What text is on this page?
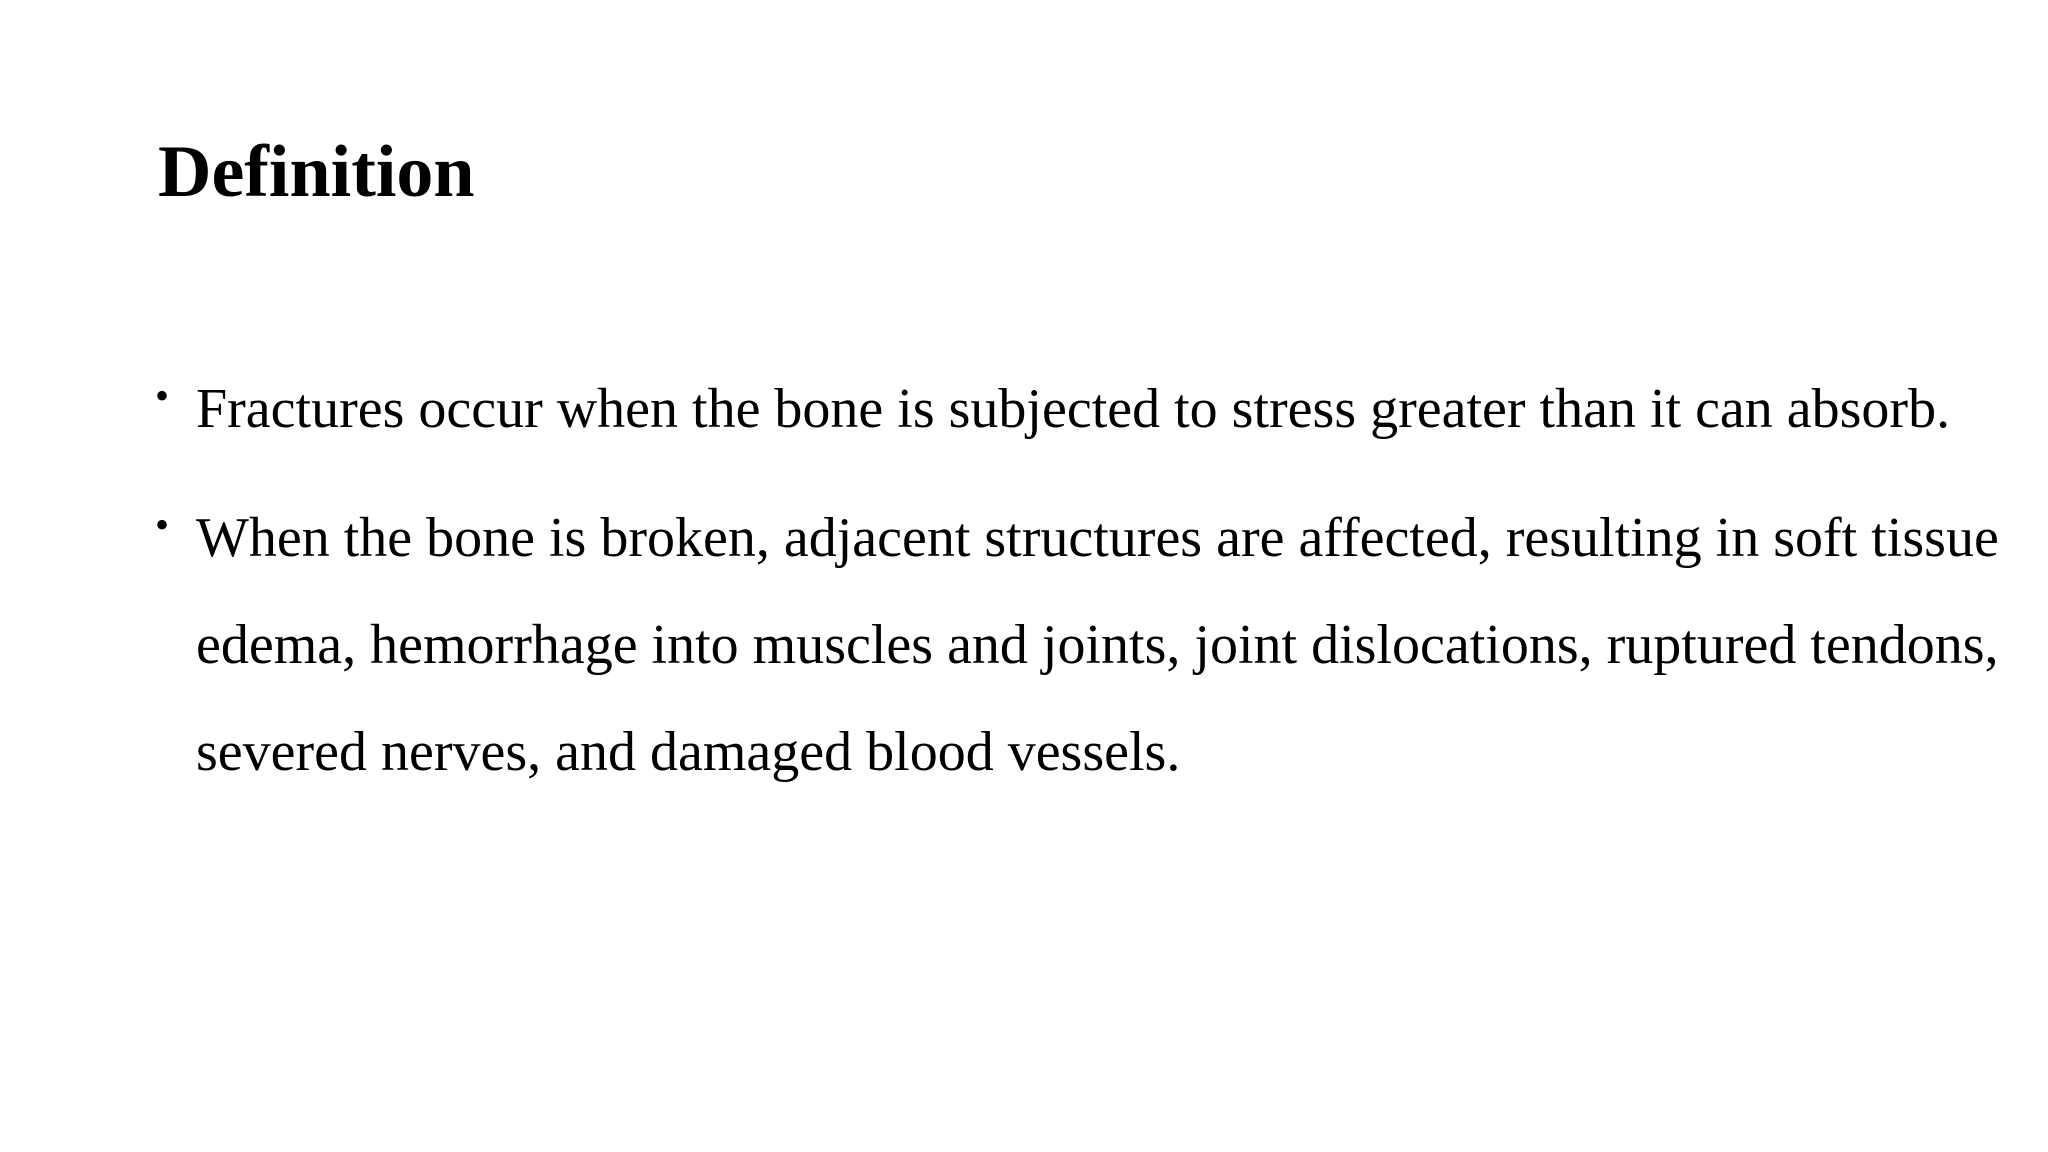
Definition
• Fractures occur when the bone is subjected to stress greater than it can absorb.
• When the bone is broken, adjacent structures are affected, resulting in soft tissue edema, hemorrhage into muscles and joints, joint dislocations, ruptured tendons, severed nerves, and damaged blood vessels.
